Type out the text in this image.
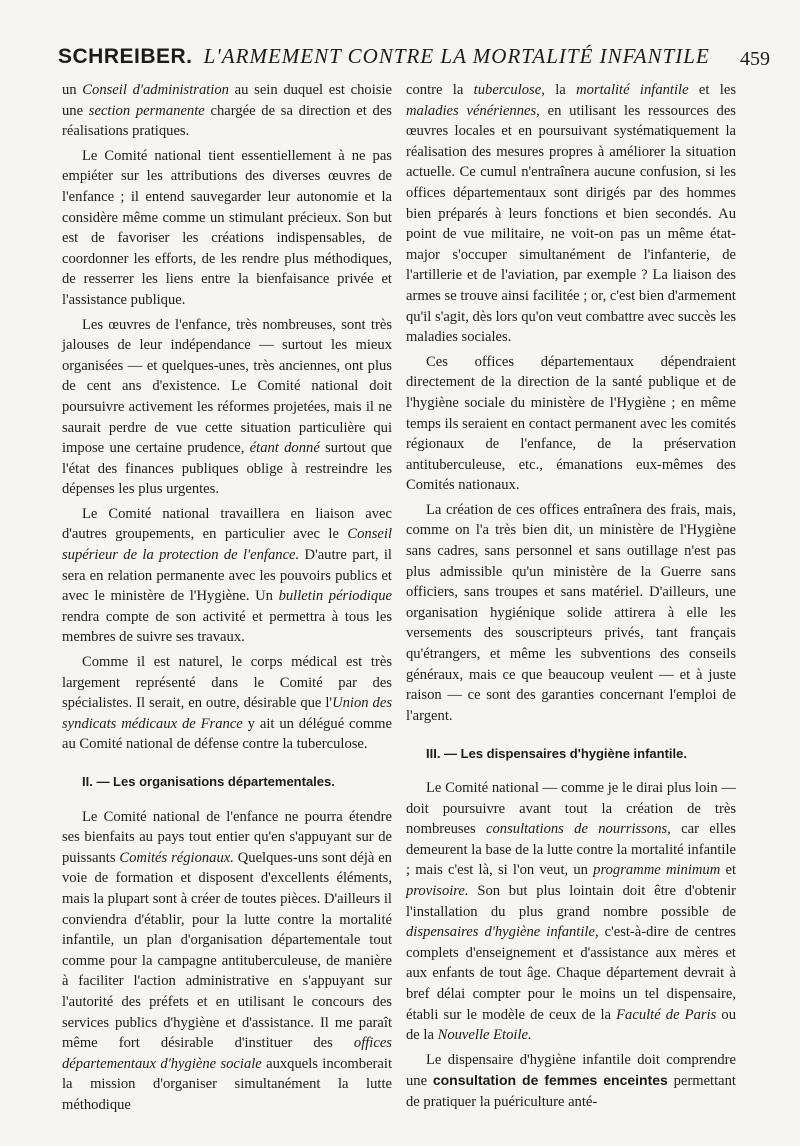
SCHREIBER. L'ARMEMENT CONTRE LA MORTALITÉ INFANTILE 459

un Conseil d'administration au sein duquel est choisie une section permanente chargée de sa direction et des réalisations pratiques.

Le Comité national tient essentiellement à ne pas empiéter sur les attributions des diverses œuvres de l'enfance ; il entend sauvegarder leur autonomie et la considère même comme un stimulant précieux. Son but est de favoriser les créations indispensables, de coordonner les efforts, de les rendre plus méthodiques, de resserrer les liens entre la bienfaisance privée et l'assistance publique.

Les œuvres de l'enfance, très nombreuses, sont très jalouses de leur indépendance — surtout les mieux organisées — et quelques-unes, très anciennes, ont plus de cent ans d'existence. Le Comité national doit poursuivre activement les réformes projetées, mais il ne saurait perdre de vue cette situation particulière qui impose une certaine prudence, étant donné surtout que l'état des finances publiques oblige à restreindre les dépenses les plus urgentes.

Le Comité national travaillera en liaison avec d'autres groupements, en particulier avec le Conseil supérieur de la protection de l'enfance. D'autre part, il sera en relation permanente avec les pouvoirs publics et avec le ministère de l'Hygiène. Un bulletin périodique rendra compte de son activité et permettra à tous les membres de suivre ses travaux.

Comme il est naturel, le corps médical est très largement représenté dans le Comité par des spécialistes. Il serait, en outre, désirable que l'Union des syndicats médicaux de France y ait un délégué comme au Comité national de défense contre la tuberculose.

II. — Les organisations départementales.

Le Comité national de l'enfance ne pourra étendre ses bienfaits au pays tout entier qu'en s'appuyant sur de puissants Comités régionaux. Quelques-uns sont déjà en voie de formation et disposent d'excellents éléments, mais la plupart sont à créer de toutes pièces. D'ailleurs il conviendra d'établir, pour la lutte contre la mortalité infantile, un plan d'organisation départementale tout comme pour la campagne antituberculeuse, de manière à faciliter l'action administrative en s'appuyant sur l'autorité des préfets et en utilisant le concours des services publics d'hygiène et d'assistance. Il me paraît même fort désirable d'instituer des offices départementaux d'hygiène sociale auxquels incomberait la mission d'organiser simultanément la lutte méthodique

contre la tuberculose, la mortalité infantile et les maladies vénériennes, en utilisant les ressources des œuvres locales et en poursuivant systématiquement la réalisation des mesures propres à améliorer la situation actuelle. Ce cumul n'entraînera aucune confusion, si les offices départementaux sont dirigés par des hommes bien préparés à leurs fonctions et bien secondés. Au point de vue militaire, ne voit-on pas un même état-major s'occuper simultanément de l'infanterie, de l'artillerie et de l'aviation, par exemple ? La liaison des armes se trouve ainsi facilitée ; or, c'est bien d'armement qu'il s'agit, dès lors qu'on veut combattre avec succès les maladies sociales.

Ces offices départementaux dépendraient directement de la direction de la santé publique et de l'hygiène sociale du ministère de l'Hygiène ; en même temps ils seraient en contact permanent avec les comités régionaux de l'enfance, de la préservation antituberculeuse, etc., émanations eux-mêmes des Comités nationaux.

La création de ces offices entraînera des frais, mais, comme on l'a très bien dit, un ministère de l'Hygiène sans cadres, sans personnel et sans outillage n'est pas plus admissible qu'un ministère de la Guerre sans officiers, sans troupes et sans matériel. D'ailleurs, une organisation hygiénique solide attirera à elle les versements des souscripteurs privés, tant français qu'étrangers, et même les subventions des conseils généraux, mais ce que beaucoup veulent — et à juste raison — ce sont des garanties concernant l'emploi de l'argent.

III. — Les dispensaires d'hygiène infantile.

Le Comité national — comme je le dirai plus loin — doit poursuivre avant tout la création de très nombreuses consultations de nourrissons, car elles demeurent la base de la lutte contre la mortalité infantile ; mais c'est là, si l'on veut, un programme minimum et provisoire. Son but plus lointain doit être d'obtenir l'installation du plus grand nombre possible de dispensaires d'hygiène infantile, c'est-à-dire de centres complets d'enseignement et d'assistance aux mères et aux enfants de tout âge. Chaque département devrait à bref délai compter pour le moins un tel dispensaire, établi sur le modèle de ceux de la Faculté de Paris ou de la Nouvelle Etoile.

Le dispensaire d'hygiène infantile doit comprendre une consultation de femmes enceintes permettant de pratiquer la puériculture anté-
